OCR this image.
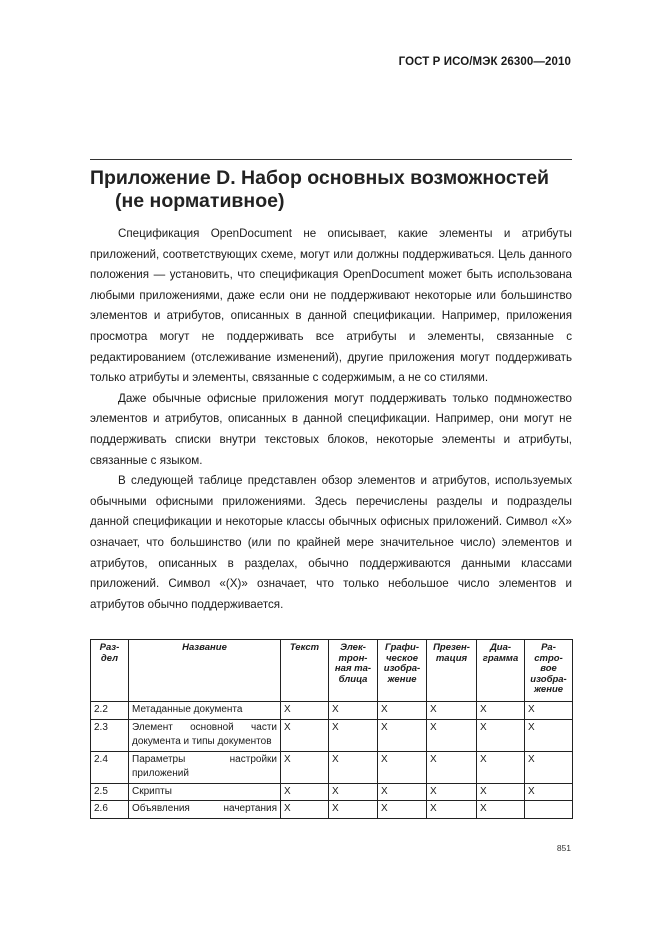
ГОСТ Р ИСО/МЭК 26300—2010
Приложение D. Набор основных возможностей
(не нормативное)

Спецификация OpenDocument не описывает, какие элементы и атрибуты приложений, соответствующих схеме, могут или должны поддерживаться. Цель данного положения — установить, что спецификация OpenDocument может быть использована любыми приложениями, даже если они не поддерживают некоторые или большинство элементов и атрибутов, описанных в данной спецификации. Например, приложения просмотра могут не поддерживать все атрибуты и элементы, связанные с редактированием (отслеживание изменений), другие приложения могут поддерживать только атрибуты и элементы, связанные с содержимым, а не со стилями.

Даже обычные офисные приложения могут поддерживать только подмножество элементов и атрибутов, описанных в данной спецификации. Например, они могут не поддерживать списки внутри текстовых блоков, некоторые элементы и атрибуты, связанные с языком.

В следующей таблице представлен обзор элементов и атрибутов, используемых обычными офисными приложениями. Здесь перечислены разделы и подразделы данной спецификации и некоторые классы обычных офисных приложений. Символ «X» означает, что большинство (или по крайней мере значительное число) элементов и атрибутов, описанных в разделах, обычно поддерживаются данными классами приложений. Символ «(X)» означает, что только небольшое число элементов и атрибутов обычно поддерживается.

Раз-
дел	Название	Текст	Элек-
трон-
ная та-
блица	Графи-
ческое
изобра-
жение	Презен-
тация	Диа-
грамма	Ра-
стро-
вое
изобра-
жение
2.2	Метаданные документа	X	X	X	X	X	X
2.3	Элемент основной части документа и типы документов	X	X	X	X	X	X
2.4	Параметры настройки приложений	X	X	X	X	X	X
2.5	Скрипты	X	X	X	X	X	X
2.6	Объявления начертания	X	X	X	X	X	
851
